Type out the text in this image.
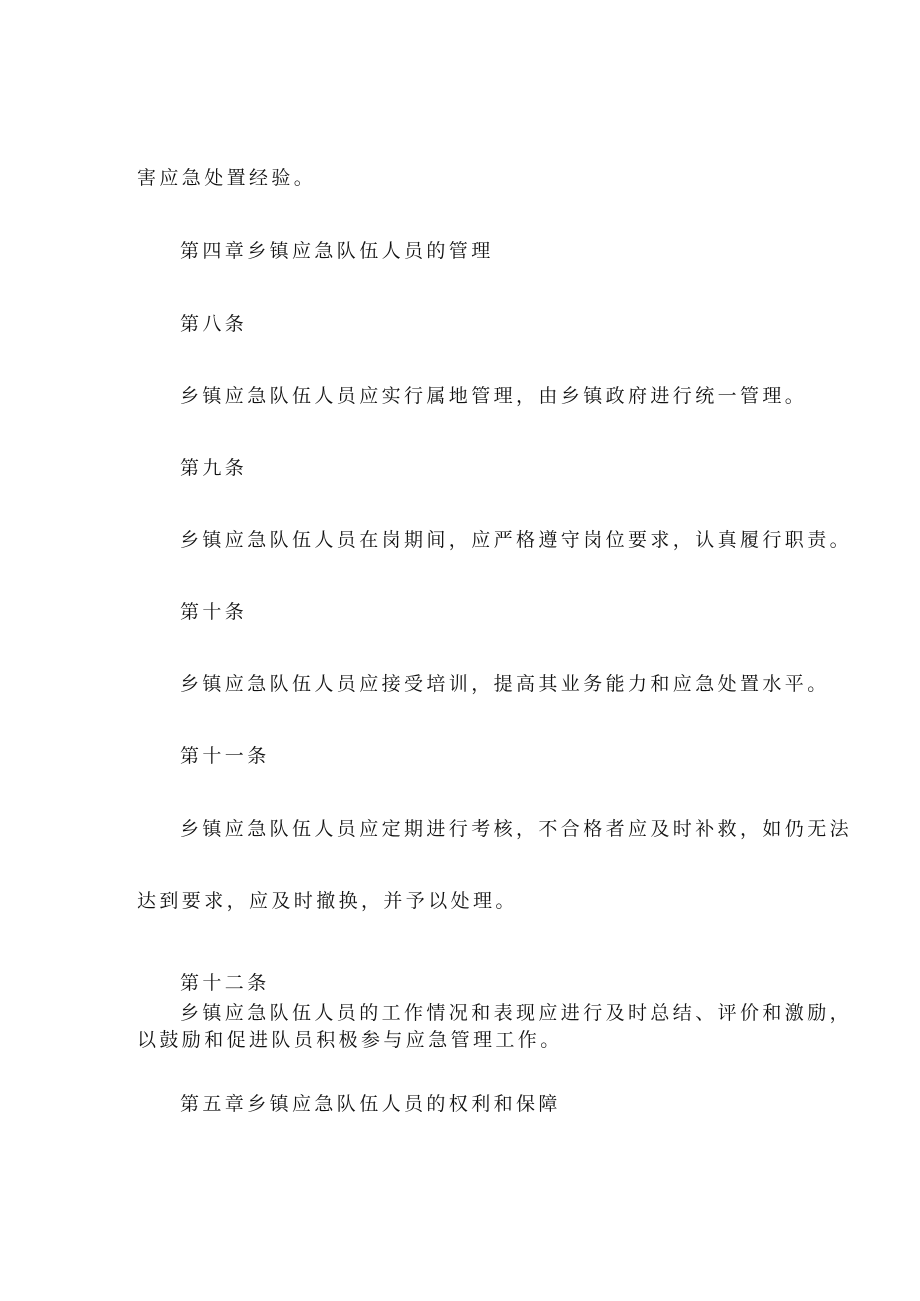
害应急处置经验。
第四章乡镇应急队伍人员的管理
第八条
乡镇应急队伍人员应实行属地管理，由乡镇政府进行统一管理。
第九条
乡镇应急队伍人员在岗期间，应严格遵守岗位要求，认真履行职责。
第十条
乡镇应急队伍人员应接受培训，提高其业务能力和应急处置水平。
第十一条
乡镇应急队伍人员应定期进行考核，不合格者应及时补救，如仍无法
达到要求，应及时撤换，并予以处理。
第十二条
乡镇应急队伍人员的工作情况和表现应进行及时总结、评价和激励，
以鼓励和促进队员积极参与应急管理工作。
第五章乡镇应急队伍人员的权利和保障
